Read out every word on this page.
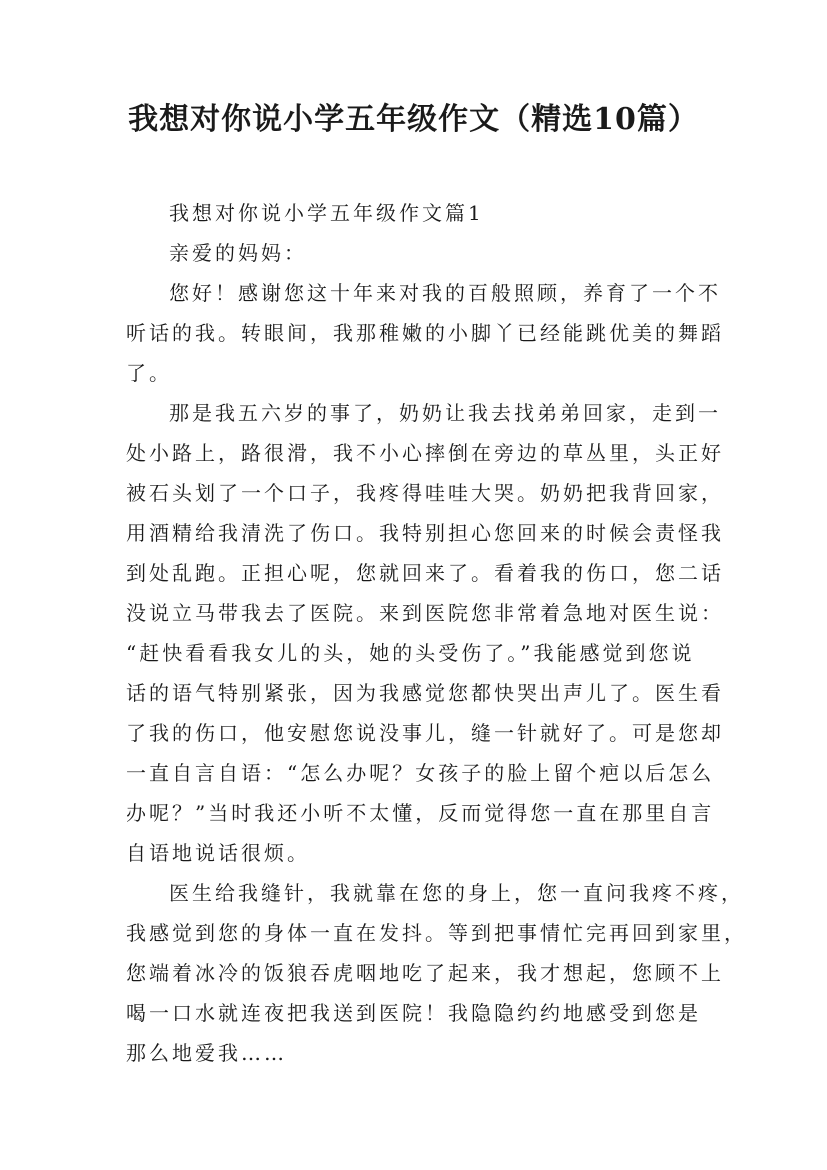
我想对你说小学五年级作文（精选10篇）
我想对你说小学五年级作文篇1
亲爱的妈妈：
您好！感谢您这十年来对我的百般照顾，养育了一个不
听话的我。转眼间，我那稚嫩的小脚丫已经能跳优美的舞蹈
了。
那是我五六岁的事了，奶奶让我去找弟弟回家，走到一
处小路上，路很滑，我不小心摔倒在旁边的草丛里，头正好
被石头划了一个口子，我疼得哇哇大哭。奶奶把我背回家，
用酒精给我清洗了伤口。我特别担心您回来的时候会责怪我
到处乱跑。正担心呢，您就回来了。看着我的伤口，您二话
没说立马带我去了医院。来到医院您非常着急地对医生说：
“赶快看看我女儿的头，她的头受伤了。”我能感觉到您说
话的语气特别紧张，因为我感觉您都快哭出声儿了。医生看
了我的伤口，他安慰您说没事儿，缝一针就好了。可是您却
一直自言自语：“怎么办呢？女孩子的脸上留个疤以后怎么
办呢？”当时我还小听不太懂，反而觉得您一直在那里自言
自语地说话很烦。
医生给我缝针，我就靠在您的身上，您一直问我疼不疼，
我感觉到您的身体一直在发抖。等到把事情忙完再回到家里，
您端着冰冷的饭狼吞虎咽地吃了起来，我才想起，您顾不上
喝一口水就连夜把我送到医院！我隐隐约约地感受到您是
那么地爱我……
